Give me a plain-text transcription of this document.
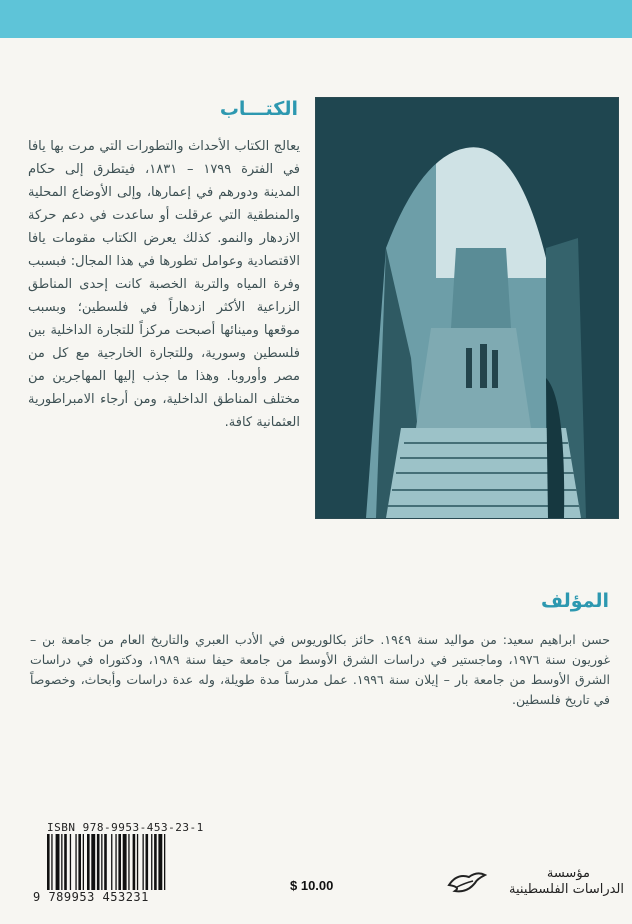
الكتـــاب
يعالج الكتاب الأحداث والتطورات التي مرت بها يافا في الفترة ١٧٩٩ – ١٨٣١، فيتطرق إلى حكام المدينة ودورهم في إعمارها، وإلى الأوضاع المحلية والمنطقية التي عرقلت أو ساعدت في دعم حركة الازدهار والنمو. كذلك يعرض الكتاب مقومات يافا الاقتصادية وعوامل تطورها في هذا المجال: فبسبب وفرة المياه والتربة الخصبة كانت إحدى المناطق الزراعية الأكثر ازدهاراً في فلسطين؛ وبسبب موقعها ومينائها أصبحت مركزاً للتجارة الداخلية بين فلسطين وسورية، وللتجارة الخارجية مع كل من مصر وأوروبا. وهذا ما جذب إليها المهاجرين من مختلف المناطق الداخلية، ومن أرجاء الامبراطورية العثمانية كافة.
المؤلف
حسن ابراهيم سعيد: من مواليد سنة ١٩٤٩. حائز بكالوريوس في الأدب العبري والتاريخ العام من جامعة بن – غوريون سنة ١٩٧٦، وماجستير في دراسات الشرق الأوسط من جامعة حيفا سنة ١٩٨٩، ودكتوراه في دراسات الشرق الأوسط من جامعة بار – إيلان سنة ١٩٩٦. عمل مدرساً مدة طويلة، وله عدة دراسات وأبحاث، وخصوصاً في تاريخ فلسطين.
ISBN 978-9953-453-23-1
9 789953 453231
$ 10.00
مؤسسة
الدراسات الفلسطينية
